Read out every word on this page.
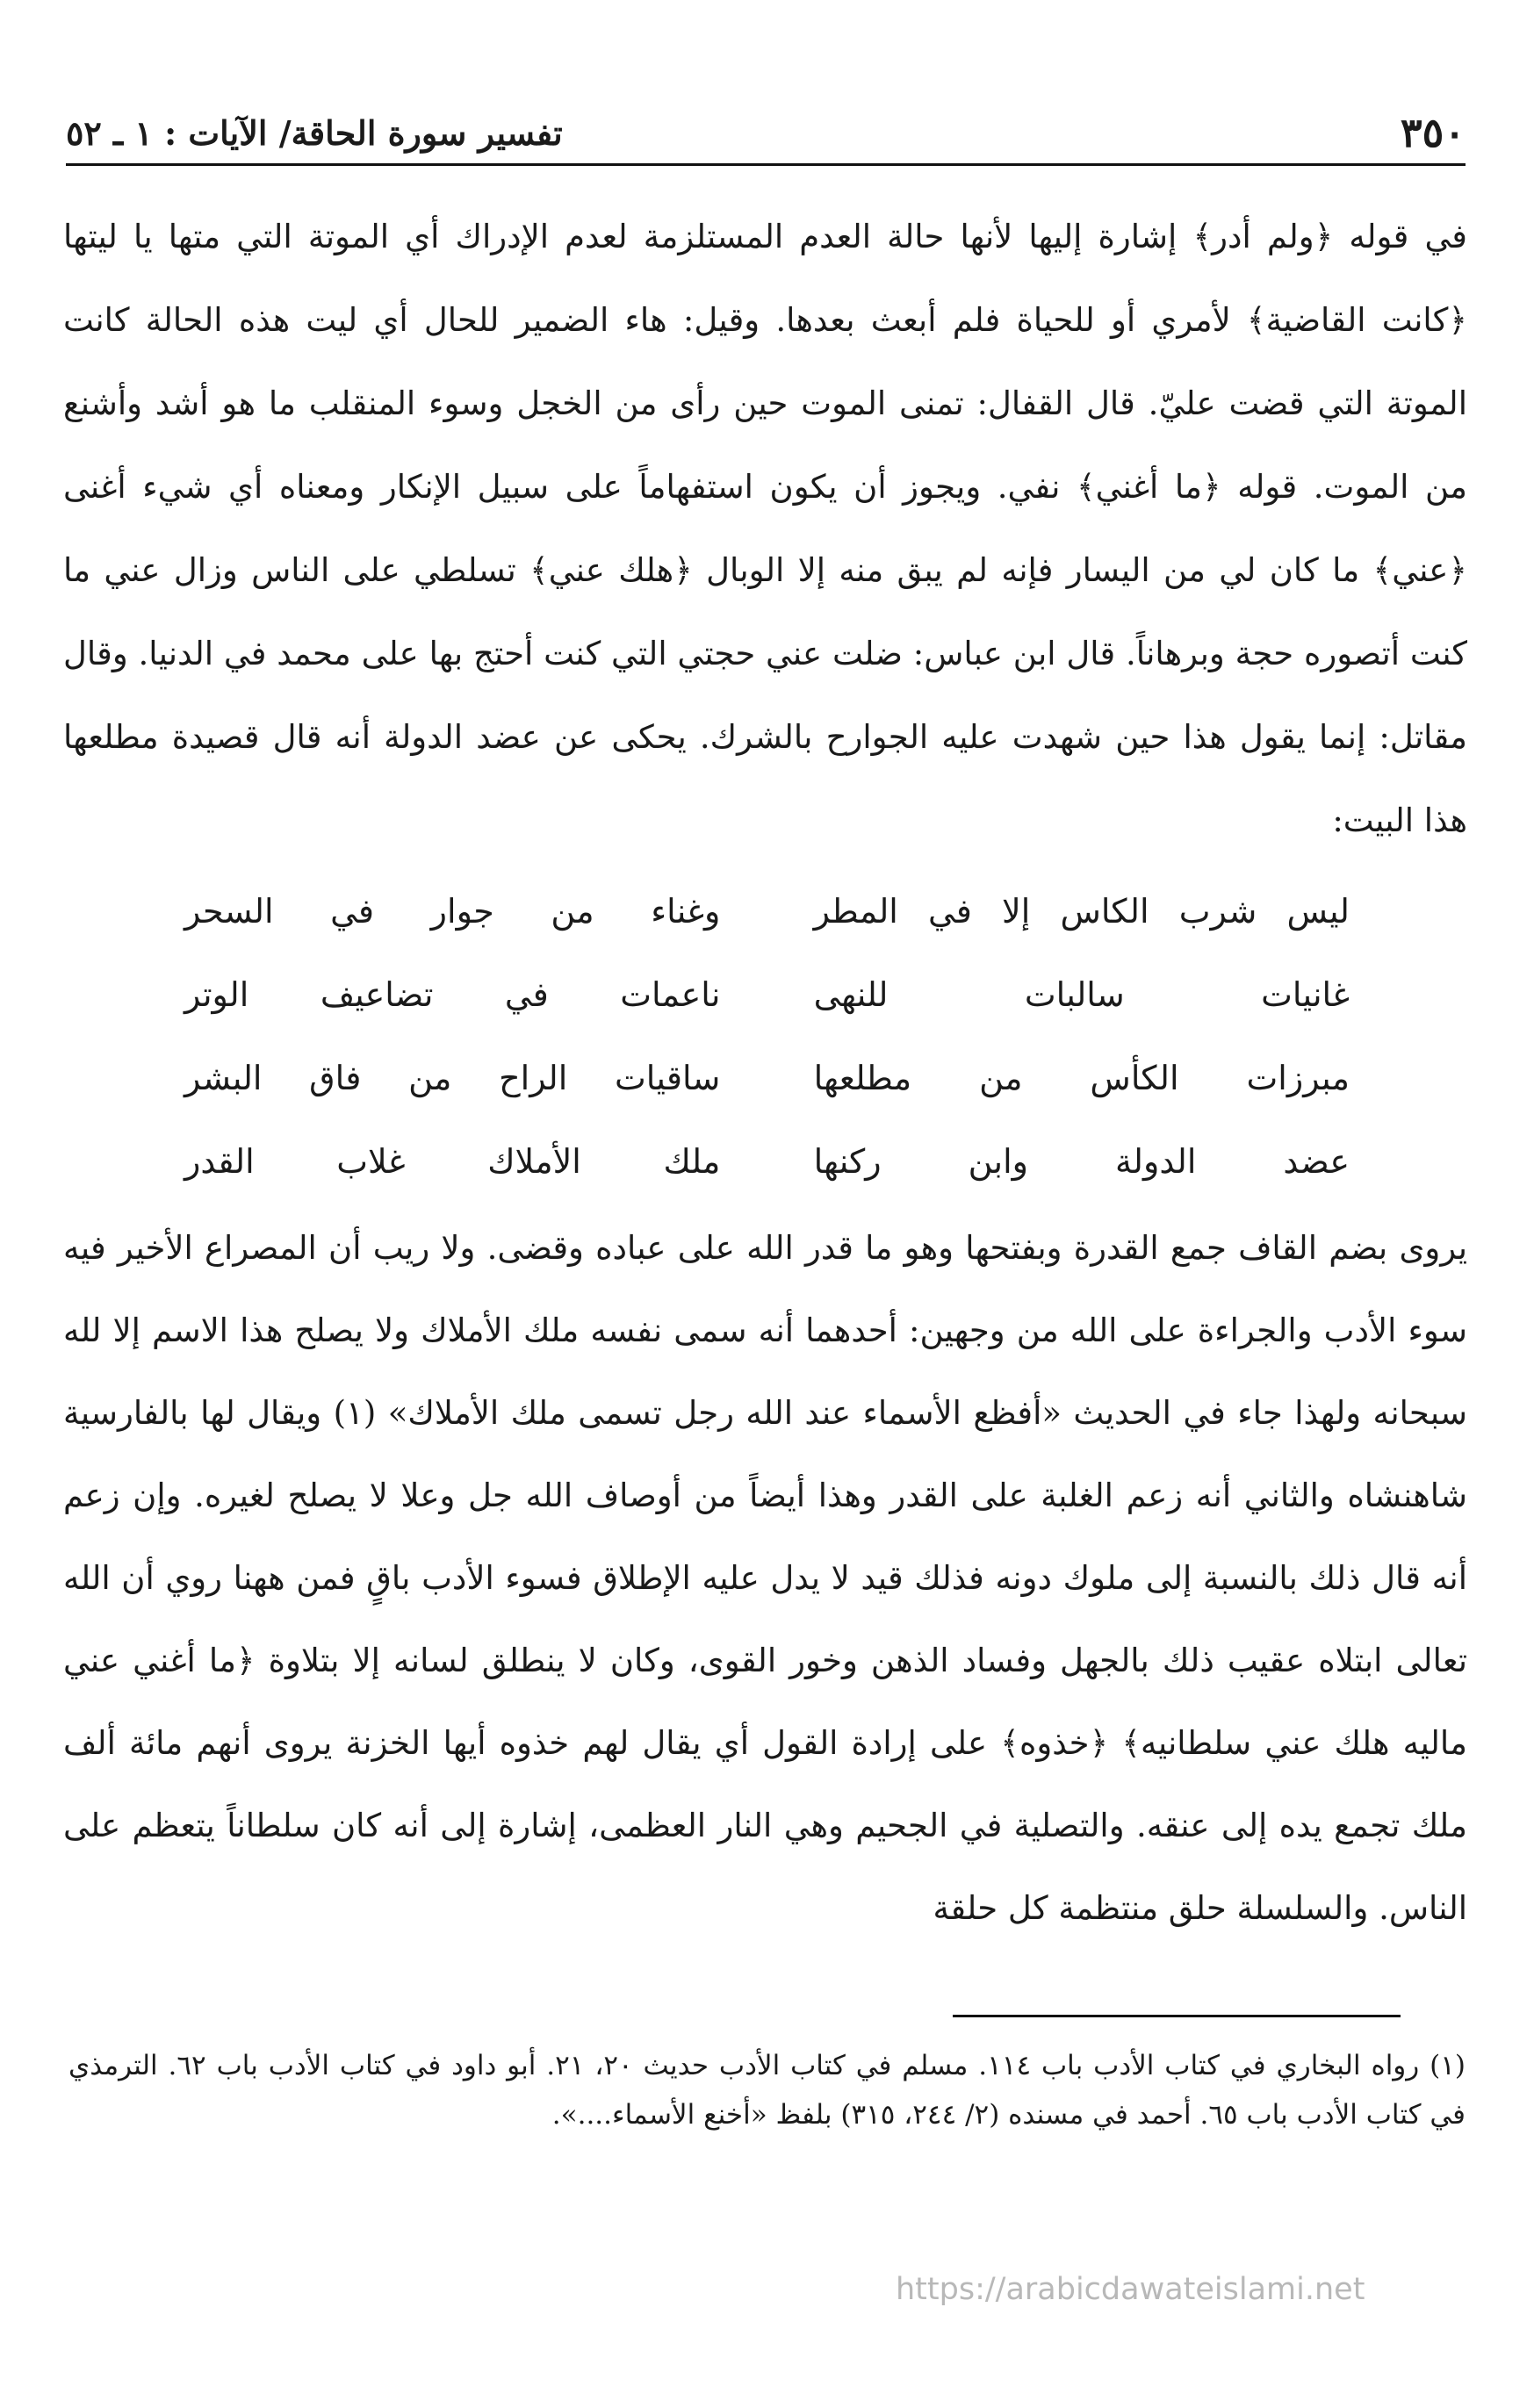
٣٥٠
تفسير سورة الحاقة/ الآيات : ١ ـ ٥٢

في قوله ﴿ولم أدر﴾ إشارة إليها لأنها حالة العدم المستلزمة لعدم الإدراك أي الموتة التي متها يا ليتها ﴿كانت القاضية﴾ لأمري أو للحياة فلم أبعث بعدها. وقيل: هاء الضمير للحال أي ليت هذه الحالة كانت الموتة التي قضت عليّ. قال القفال: تمنى الموت حين رأى من الخجل وسوء المنقلب ما هو أشد وأشنع من الموت. قوله ﴿ما أغني﴾ نفي. ويجوز أن يكون استفهاماً على سبيل الإنكار ومعناه أي شيء أغنى ﴿عني﴾ ما كان لي من اليسار فإنه لم يبق منه إلا الوبال ﴿هلك عني﴾ تسلطي على الناس وزال عني ما كنت أتصوره حجة وبرهاناً. قال ابن عباس: ضلت عني حجتي التي كنت أحتج بها على محمد في الدنيا. وقال مقاتل: إنما يقول هذا حين شهدت عليه الجوارح بالشرك. يحكى عن عضد الدولة أنه قال قصيدة مطلعها هذا البيت:

ليس شرب الكاس إلا في المطر
وغناء من جوار في السحر
غانيات سالبات للنهى
ناعمات في تضاعيف الوتر
مبرزات الكأس من مطلعها
ساقيات الراح من فاق البشر
عضد الدولة وابن ركنها
ملك الأملاك غلاب القدر

يروى بضم القاف جمع القدرة وبفتحها وهو ما قدر الله على عباده وقضى. ولا ريب أن المصراع الأخير فيه سوء الأدب والجراءة على الله من وجهين: أحدهما أنه سمى نفسه ملك الأملاك ولا يصلح هذا الاسم إلا لله سبحانه ولهذا جاء في الحديث «أفظع الأسماء عند الله رجل تسمى ملك الأملاك» (١) ويقال لها بالفارسية شاهنشاه والثاني أنه زعم الغلبة على القدر وهذا أيضاً من أوصاف الله جل وعلا لا يصلح لغيره. وإن زعم أنه قال ذلك بالنسبة إلى ملوك دونه فذلك قيد لا يدل عليه الإطلاق فسوء الأدب باقٍ فمن ههنا روي أن الله تعالى ابتلاه عقيب ذلك بالجهل وفساد الذهن وخور القوى، وكان لا ينطلق لسانه إلا بتلاوة ﴿ما أغني عني ماليه هلك عني سلطانيه﴾ ﴿خذوه﴾ على إرادة القول أي يقال لهم خذوه أيها الخزنة يروى أنهم مائة ألف ملك تجمع يده إلى عنقه. والتصلية في الجحيم وهي النار العظمى، إشارة إلى أنه كان سلطاناً يتعظم على الناس. والسلسلة حلق منتظمة كل حلقة

(١) رواه البخاري في كتاب الأدب باب ١١٤. مسلم في كتاب الأدب حديث ٢٠، ٢١. أبو داود في كتاب الأدب باب ٦٢. الترمذي في كتاب الأدب باب ٦٥. أحمد في مسنده (٢/ ٢٤٤، ٣١٥) بلفظ «أخنع الأسماء....».

https://arabicdawateislami.net
